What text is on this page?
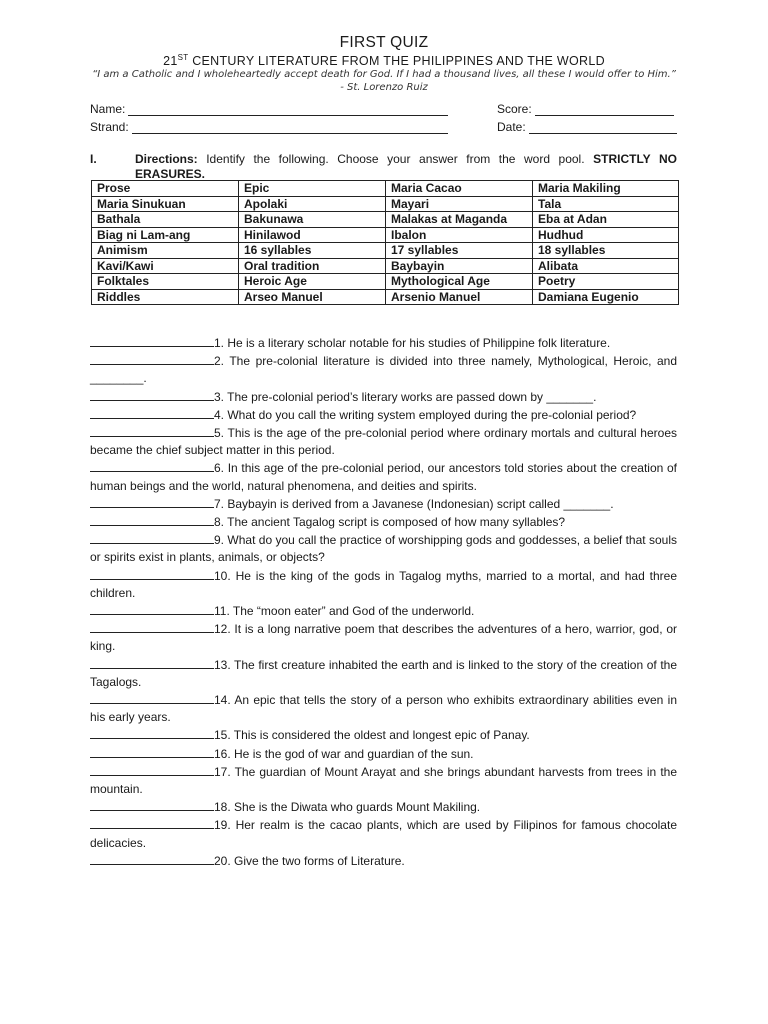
FIRST QUIZ
21ST CENTURY LITERATURE FROM THE PHILIPPINES AND THE WORLD
“I am a Catholic and I wholeheartedly accept death for God. If I had a thousand lives, all these I would offer to Him.”
- St. Lorenzo Ruiz
Name:
Strand:
Score:
Date:
I.	Directions: Identify the following. Choose your answer from the word pool. STRICTLY NO ERASURES.
Prose	Epic	Maria Cacao	Maria Makiling
Maria Sinukuan	Apolaki	Mayari	Tala
Bathala	Bakunawa	Malakas at Maganda	Eba at Adan
Biag ni Lam-ang	Hinilawod	Ibalon	Hudhud
Animism	16 syllables	17 syllables	18 syllables
Kavi/Kawi	Oral tradition	Baybayin	Alibata
Folktales	Heroic Age	Mythological Age	Poetry
Riddles	Arseo Manuel	Arsenio Manuel	Damiana Eugenio

1. He is a literary scholar notable for his studies of Philippine folk literature.

2. The pre-colonial literature is divided into three namely, Mythological, Heroic, and ________.

3. The pre-colonial period’s literary works are passed down by _______.

4. What do you call the writing system employed during the pre-colonial period?

5. This is the age of the pre-colonial period where ordinary mortals and cultural heroes became the chief subject matter in this period.

6. In this age of the pre-colonial period, our ancestors told stories about the creation of human beings and the world, natural phenomena, and deities and spirits.

7. Baybayin is derived from a Javanese (Indonesian) script called _______.

8. The ancient Tagalog script is composed of how many syllables?

9. What do you call the practice of worshipping gods and goddesses, a belief that souls or spirits exist in plants, animals, or objects?

10. He is the king of the gods in Tagalog myths, married to a mortal, and had three children.

11. The “moon eater” and God of the underworld.

12. It is a long narrative poem that describes the adventures of a hero, warrior, god, or king.

13. The first creature inhabited the earth and is linked to the story of the creation of the Tagalogs.

14. An epic that tells the story of a person who exhibits extraordinary abilities even in his early years.

15. This is considered the oldest and longest epic of Panay.

16. He is the god of war and guardian of the sun.

17. The guardian of Mount Arayat and she brings abundant harvests from trees in the mountain.

18. She is the Diwata who guards Mount Makiling.

19. Her realm is the cacao plants, which are used by Filipinos for famous chocolate delicacies.

20. Give the two forms of Literature.
